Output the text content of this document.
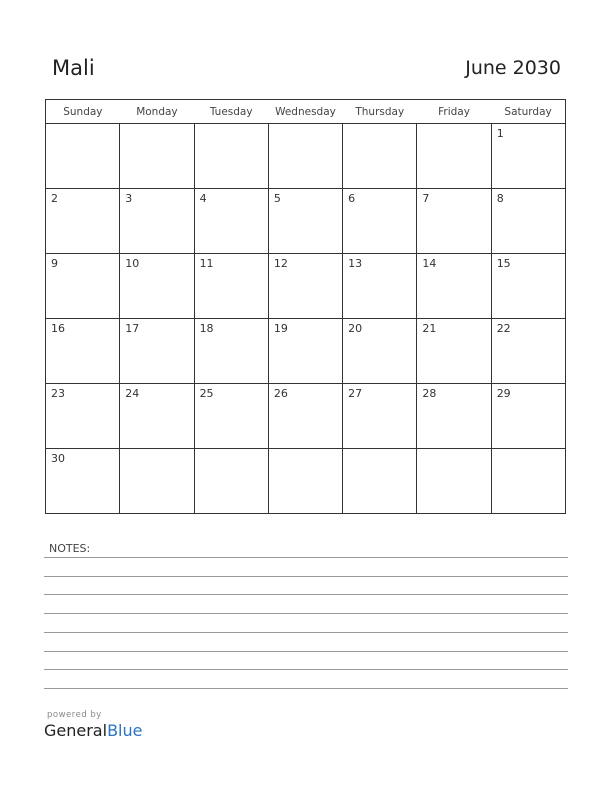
Mali	June 2030
Sunday	Monday	Tuesday	Wednesday	Thursday	Friday	Saturday

						1

2	3	4	5	6	7	8

9	10	11	12	13	14	15

16	17	18	19	20	21	22

23	24	25	26	27	28	29

30						

NOTES:
powered by
GeneralBlue
